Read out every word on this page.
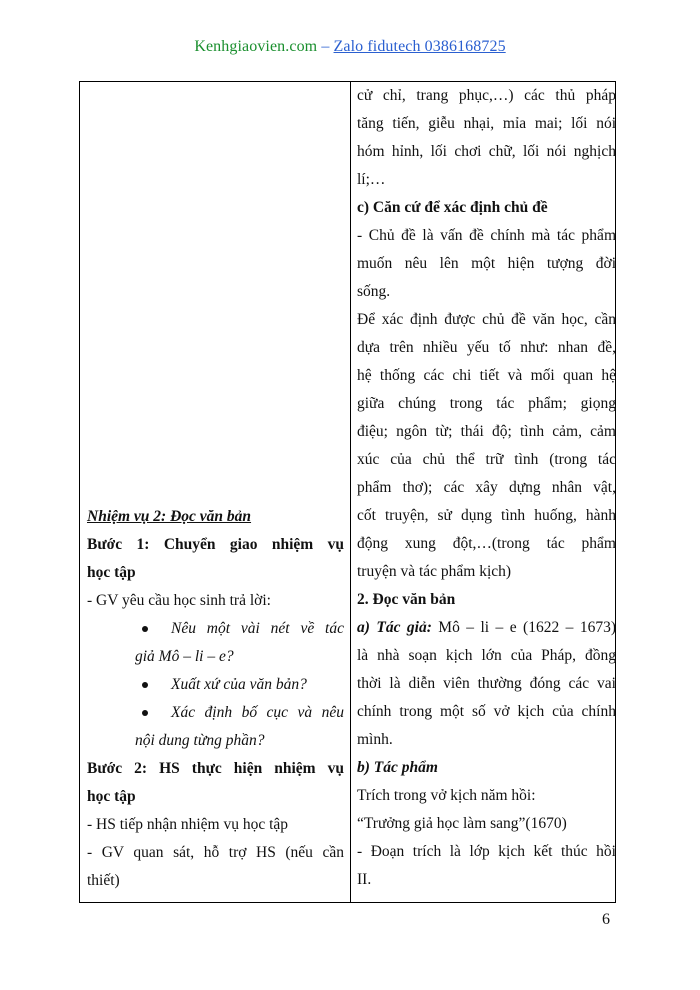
Kenhgiaovien.com – Zalo fidutech 0386168725
Nhiệm vụ 2: Đọc văn bản
Bước 1: Chuyển giao nhiệm vụ
học tập
- GV yêu cầu học sinh trả lời:
Nêu một vài nét về tác
giả Mô – li – e?
Xuất xứ của văn bản?
Xác định bố cục và nêu
nội dung từng phần?
Bước 2: HS thực hiện nhiệm vụ
học tập
- HS tiếp nhận nhiệm vụ học tập
- GV quan sát, hỗ trợ HS (nếu cần
thiết)
cử chỉ, trang phục,…) các thủ pháp
tăng tiến, giễu nhại, mỉa mai; lối nói
hóm hỉnh, lối chơi chữ, lối nói nghịch
lí;…
c) Căn cứ để xác định chủ đề
- Chủ đề là vấn đề chính mà tác phẩm
muốn nêu lên một hiện tượng đời
sống.
Để xác định được chủ đề văn học, cần
dựa trên nhiều yếu tố như: nhan đề,
hệ thống các chi tiết và mối quan hệ
giữa chúng trong tác phẩm; giọng
điệu; ngôn từ; thái độ; tình cảm, cảm
xúc của chủ thể trữ tình (trong tác
phẩm thơ); các xây dựng nhân vật,
cốt truyện, sử dụng tình huống, hành
động xung đột,…(trong tác phẩm
truyện và tác phẩm kịch)
2. Đọc văn bản
a) Tác giả: Mô – li – e (1622 – 1673)
là nhà soạn kịch lớn của Pháp, đồng
thời là diễn viên thường đóng các vai
chính trong một số vở kịch của chính
mình.
b) Tác phẩm
Trích trong vở kịch năm hồi:
“Trưởng giả học làm sang”(1670)
- Đoạn trích là lớp kịch kết thúc hồi
II.
6
